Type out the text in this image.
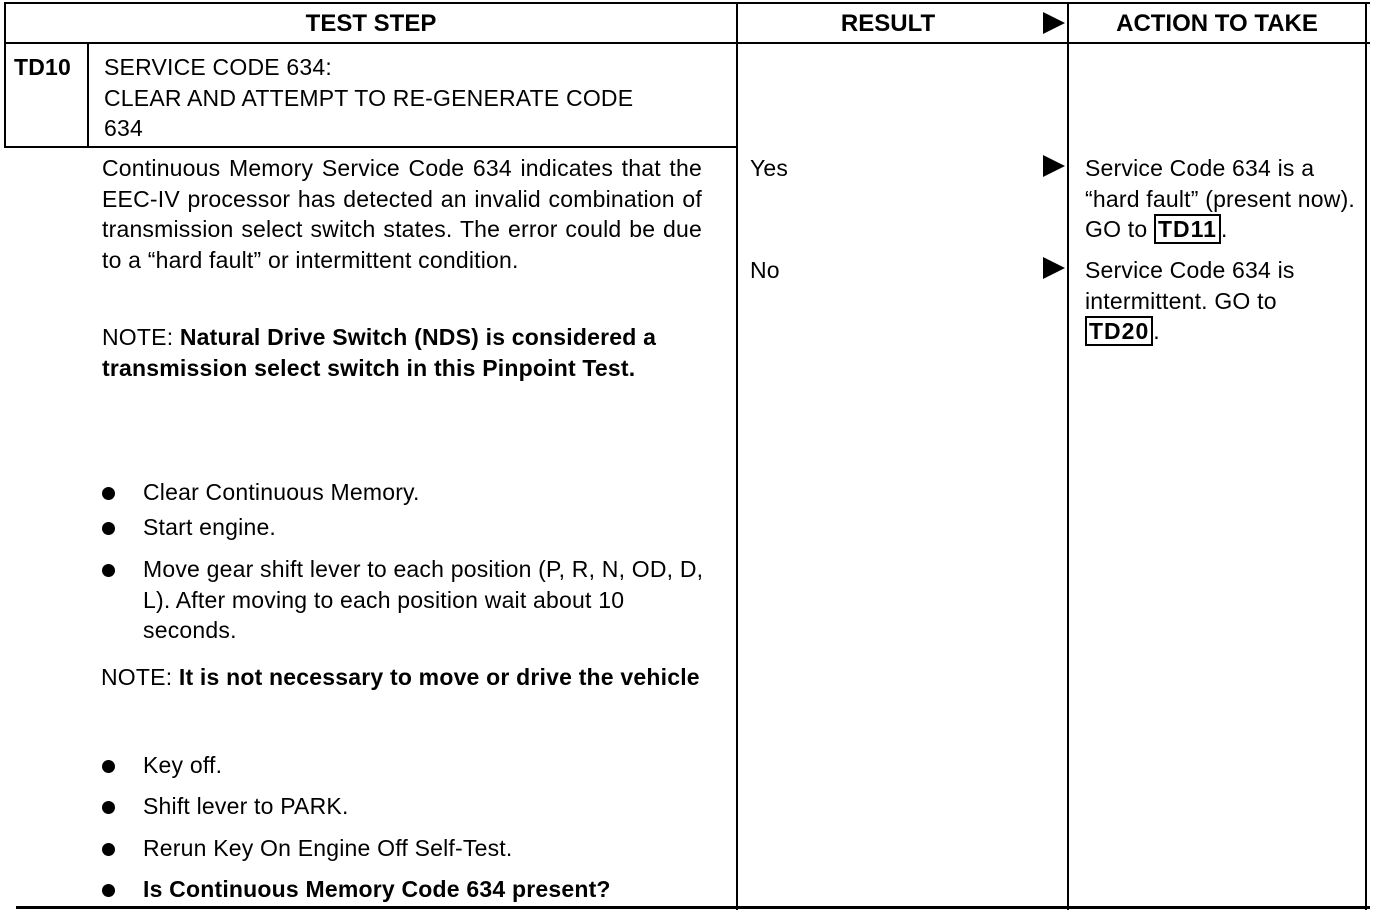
TEST STEP	RESULT	ACTION TO TAKE
TD10 SERVICE CODE 634:
CLEAR AND ATTEMPT TO RE-GENERATE CODE
634
Continuous Memory Service Code 634 indicates that the EEC-IV processor has detected an invalid combination of transmission select switch states. The error could be due to a “hard fault” or intermittent condition.
NOTE: Natural Drive Switch (NDS) is considered a transmission select switch in this Pinpoint Test.
Clear Continuous Memory.
Start engine.
Move gear shift lever to each position (P, R, N, OD, D, L). After moving to each position wait about 10 seconds.
NOTE: It is not necessary to move or drive the vehicle
Key off.
Shift lever to PARK.
Rerun Key On Engine Off Self-Test.
Is Continuous Memory Code 634 present?
Yes	Service Code 634 is a “hard fault” (present now). GO to TD11 .
No	Service Code 634 is intermittent. GO to TD20 .
